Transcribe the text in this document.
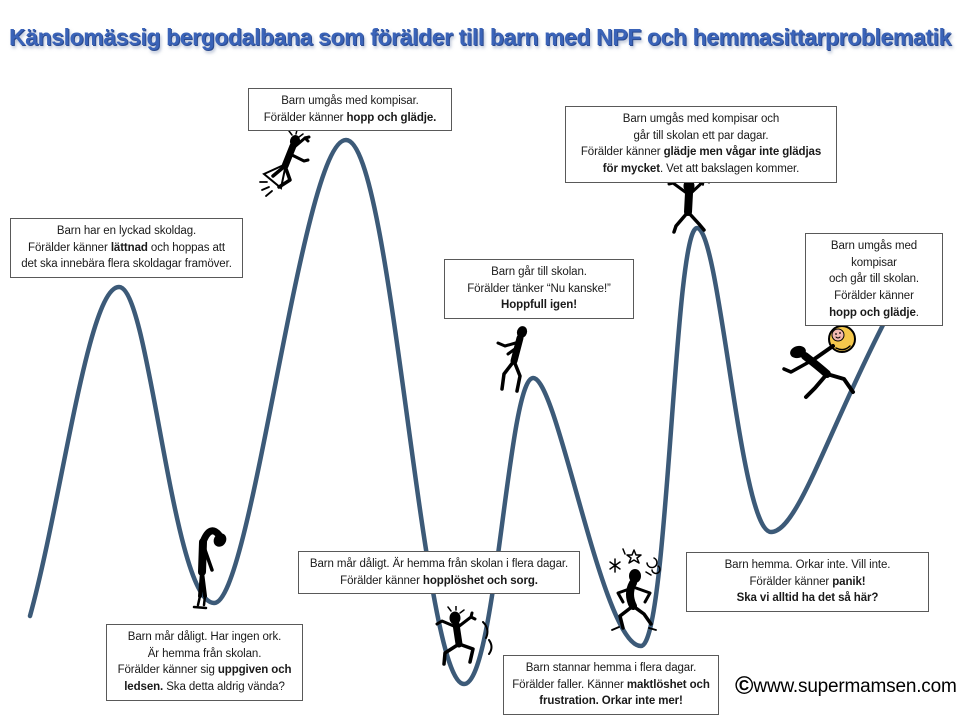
Känslomässig bergodalbana som förälder till barn med NPF och hemmasittarproblematik
Barn har en lyckad skoldag.
Förälder känner lättnad och hoppas att
det ska innebära flera skoldagar framöver.
Barn umgås med kompisar.
Förälder känner hopp och glädje.	Barn umgås med kompisar och
går till skolan ett par dagar.
Förälder känner glädje men vågar inte glädjas
för mycket. Vet att bakslagen kommer.
Barn går till skolan.
Förälder tänker “Nu kanske!”
Hoppfull igen!
Barn umgås med
kompisar
och går till skolan.
Förälder känner
hopp och glädje.
Barn mår dåligt. Är hemma från skolan i flera dagar.
Förälder känner hopplöshet och sorg.
Barn mår dåligt. Har ingen ork.
Är hemma från skolan.
Förälder känner sig uppgiven och
ledsen. Ska detta aldrig vända?
Barn stannar hemma i flera dagar.
Förälder faller. Känner maktlöshet och
frustration. Orkar inte mer!
Barn hemma. Orkar inte. Vill inte.
Förälder känner panik!
Ska vi alltid ha det så här?
© www.supermamsen.com
